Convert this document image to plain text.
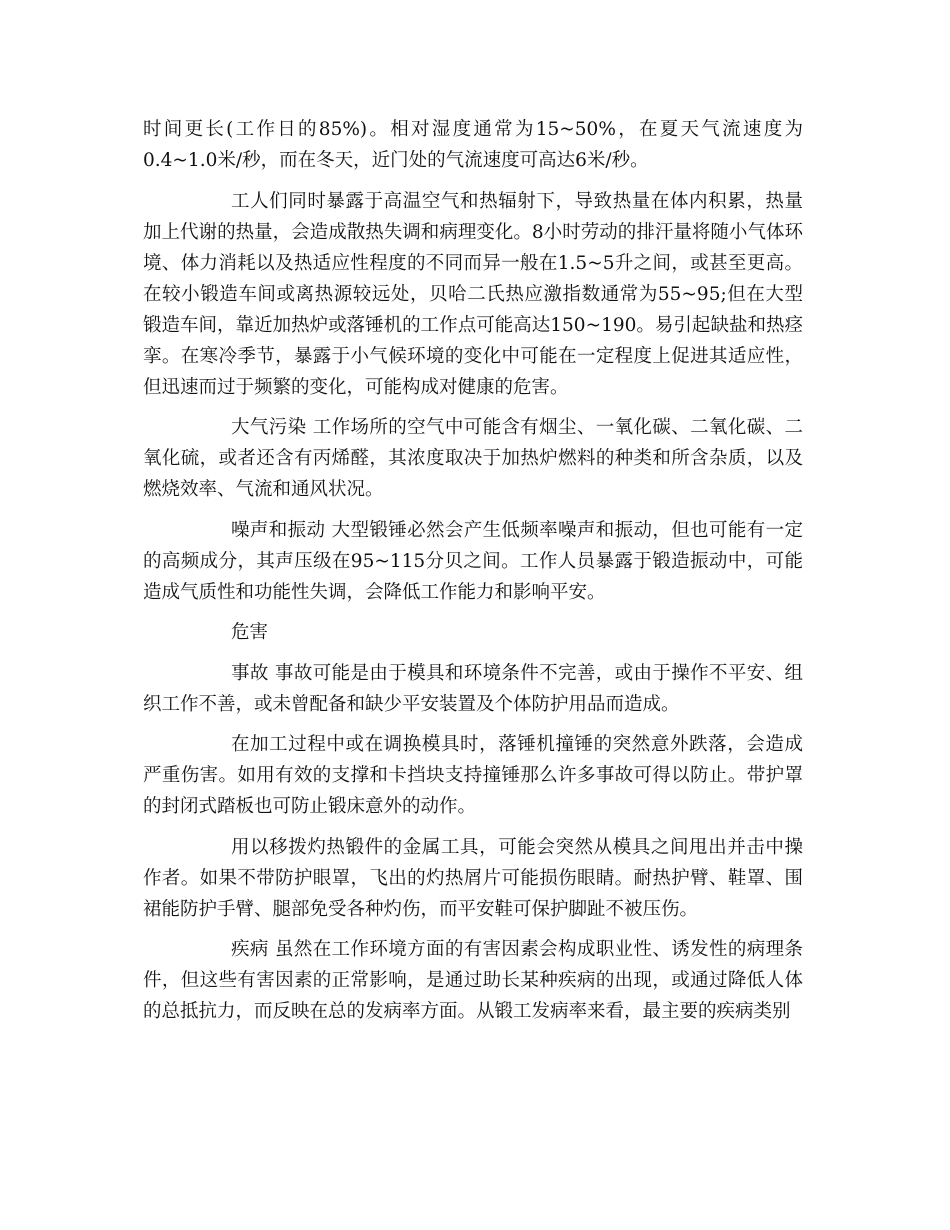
时间更长(工作日的85%)。相对湿度通常为15~50%，在夏天气流速度为0.4~1.0米/秒，而在冬天，近门处的气流速度可高达6米/秒。

工人们同时暴露于高温空气和热辐射下，导致热量在体内积累，热量加上代谢的热量，会造成散热失调和病理变化。8小时劳动的排汗量将随小气体环境、体力消耗以及热适应性程度的不同而异一般在1.5~5升之间，或甚至更高。在较小锻造车间或离热源较远处，贝哈二氏热应激指数通常为55~95;但在大型锻造车间，靠近加热炉或落锤机的工作点可能高达150~190。易引起缺盐和热痉挛。在寒冷季节，暴露于小气候环境的变化中可能在一定程度上促进其适应性，但迅速而过于频繁的变化，可能构成对健康的危害。

大气污染 工作场所的空气中可能含有烟尘、一氧化碳、二氧化碳、二氧化硫，或者还含有丙烯醛，其浓度取决于加热炉燃料的种类和所含杂质，以及燃烧效率、气流和通风状况。

噪声和振动 大型锻锤必然会产生低频率噪声和振动，但也可能有一定的高频成分，其声压级在95~115分贝之间。工作人员暴露于锻造振动中，可能造成气质性和功能性失调，会降低工作能力和影响平安。

危害

事故 事故可能是由于模具和环境条件不完善，或由于操作不平安、组织工作不善，或未曾配备和缺少平安装置及个体防护用品而造成。

在加工过程中或在调换模具时，落锤机撞锤的突然意外跌落，会造成严重伤害。如用有效的支撑和卡挡块支持撞锤那么许多事故可得以防止。带护罩的封闭式踏板也可防止锻床意外的动作。

用以移拨灼热锻件的金属工具，可能会突然从模具之间甩出并击中操作者。如果不带防护眼罩，飞出的灼热屑片可能损伤眼睛。耐热护臂、鞋罩、围裙能防护手臂、腿部免受各种灼伤，而平安鞋可保护脚趾不被压伤。

疾病 虽然在工作环境方面的有害因素会构成职业性、诱发性的病理条件，但这些有害因素的正常影响，是通过助长某种疾病的出现，或通过降低人体的总抵抗力，而反映在总的发病率方面。从锻工发病率来看，最主要的疾病类别
